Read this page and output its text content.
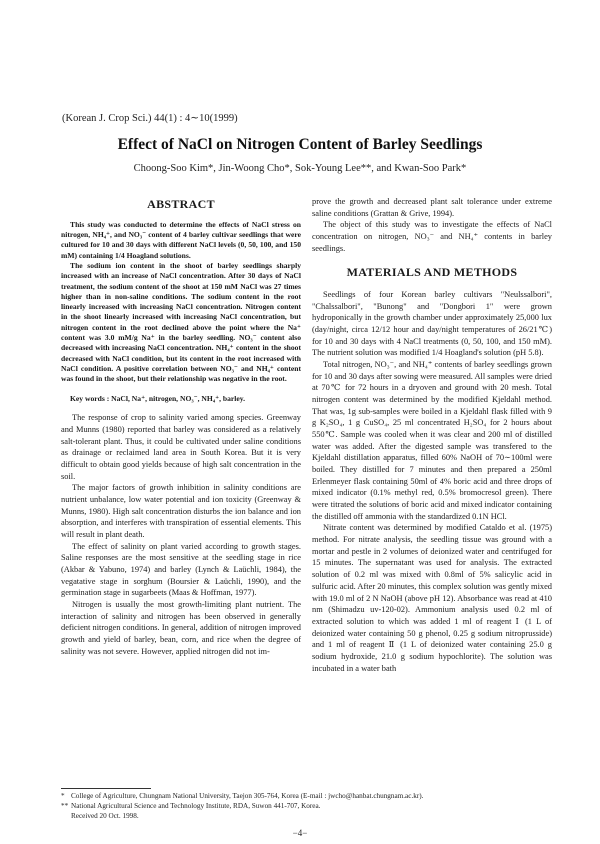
(Korean J. Crop Sci.) 44(1) : 4∼10(1999)
Effect of NaCl on Nitrogen Content of Barley Seedlings
Choong-Soo Kim*, Jin-Woong Cho*, Sok-Young Lee**, and Kwan-Soo Park*
ABSTRACT

This study was conducted to determine the effects of NaCl stress on nitrogen, NH₄⁺, and NO₃⁻ content of 4 barley cultivar seedlings that were cultured for 10 and 30 days with different NaCl levels (0, 50, 100, and 150 mM) containing 1/4 Hoagland solutions.

The sodium ion content in the shoot of barley seedlings sharply increased with an increase of NaCl concentration. After 30 days of NaCl treatment, the sodium content of the shoot at 150 mM NaCl was 27 times higher than in non-saline conditions. The sodium content in the root linearly increased with increasing NaCl concentration. Nitrogen content in the shoot linearly increased with increasing NaCl concentration, but nitrogen content in the root declined above the point where the Na⁺ content was 3.0 mM/g Na⁺ in the barley seedling. NO₃⁻ content also decreased with increasing NaCl concentration. NH₄⁺ content in the shoot decreased with NaCl condition, but its content in the root increased with NaCl condition. A positive correlation between NO₃⁻ and NH₄⁺ content was found in the shoot, but their relationship was negative in the root.

Key words : NaCl, Na⁺, nitrogen, NO₃⁻, NH₄⁺, barley.

The response of crop to salinity varied among species. Greenway and Munns (1980) reported that barley was considered as a relatively salt-tolerant plant. Thus, it could be cultivated under saline conditions as drainage or reclaimed land area in South Korea. But it is very difficult to obtain good yields because of high salt concentration in the soil.

The major factors of growth inhibition in salinity conditions are nutrient unbalance, low water potential and ion toxicity (Greenway & Munns, 1980). High salt concentration disturbs the ion balance and ion absorption, and interferes with transpiration of essential elements. This will result in plant death.

The effect of salinity on plant varied according to growth stages. Saline responses are the most sensitive at the seedling stage in rice (Akbar & Yabuno, 1974) and barley (Lynch & Laüchli, 1984), the vegatative stage in sorghum (Boursier & Laüchli, 1990), and the germination stage in sugarbeets (Maas & Hoffman, 1977).

Nitrogen is usually the most growth-limiting plant nutrient. The interaction of salinity and nitrogen has been observed in generally deficient nitrogen conditions. In general, addition of nitrogen improved growth and yield of barley, bean, corn, and rice when the degree of salinity was not severe. However, applied nitrogen did not im-

prove the growth and decreased plant salt tolerance under extreme saline conditions (Grattan & Grive, 1994).

The object of this study was to investigate the effects of NaCl concentration on nitrogen, NO₃⁻ and NH₄⁺ contents in barley seedlings.

MATERIALS AND METHODS

Seedlings of four Korean barley cultivars "Neulssalbori", "Chalssalbori", "Bunong" and "Dongbori 1" were grown hydroponically in the growth chamber under approximately 25,000 lux (day/night, circa 12/12 hour and day/night temperatures of 26/21℃) for 10 and 30 days with 4 NaCl treatments (0, 50, 100, and 150 mM). The nutrient solution was modified 1/4 Hoagland's solution (pH 5.8).

Total nitrogen, NO₃⁻, and NH₄⁺ contents of barley seedlings grown for 10 and 30 days after sowing were measured. All samples were dried at 70℃ for 72 hours in a dryoven and ground with 20 mesh. Total nitrogen content was determined by the modified Kjeldahl method. That was, 1g sub-samples were boiled in a Kjeldahl flask filled with 9 g K₂SO₄, 1 g CuSO₄, 25 ml concentrated H₂SO₄ for 2 hours about 550℃. Sample was cooled when it was clear and 200 ml of distilled water was added. After the digested sample was transfered to the Kjeldahl distillation apparatus, filled 60% NaOH of 70∼100ml were boiled. They distilled for 7 minutes and then prepared a 250ml Erlenmeyer flask containing 50ml of 4% boric acid and three drops of mixed indicator (0.1% methyl red, 0.5% bromocresol green). There were titrated the solutions of boric acid and mixed indicator containing the distilled off ammonia with the standardized 0.1N HCl.

Nitrate content was determined by modified Cataldo et al. (1975) method. For nitrate analysis, the seedling tissue was ground with a mortar and pestle in 2 volumes of deionized water and centrifuged for 15 minutes. The supernatant was used for analysis. The extracted solution of 0.2 ml was mixed with 0.8ml of 5% salicylic acid in sulfuric acid. After 20 minutes, this complex solution was gently mixed with 19.0 ml of 2 N NaOH (above pH 12). Absorbance was read at 410 nm (Shimadzu uv-120-02). Ammonium analysis used 0.2 ml of extracted solution to which was added 1 ml of reagent Ⅰ (1 L of deionized water containing 50 g phenol, 0.25 g sodium nitroprusside) and 1 ml of reagent Ⅱ (1 L of deionized water containing 25.0 g sodium hydroxide, 21.0 g sodium hypochlorite). The solution was incubated in a water bath

* College of Agriculture, Chungnam National University, Taejon 305-764, Korea (E-mail : jwcho@hanbat.chungnam.ac.kr).
** National Agricultural Science and Technology Institute, RDA, Suwon 441-707, Korea.
Received 20 Oct. 1998.
−4−
